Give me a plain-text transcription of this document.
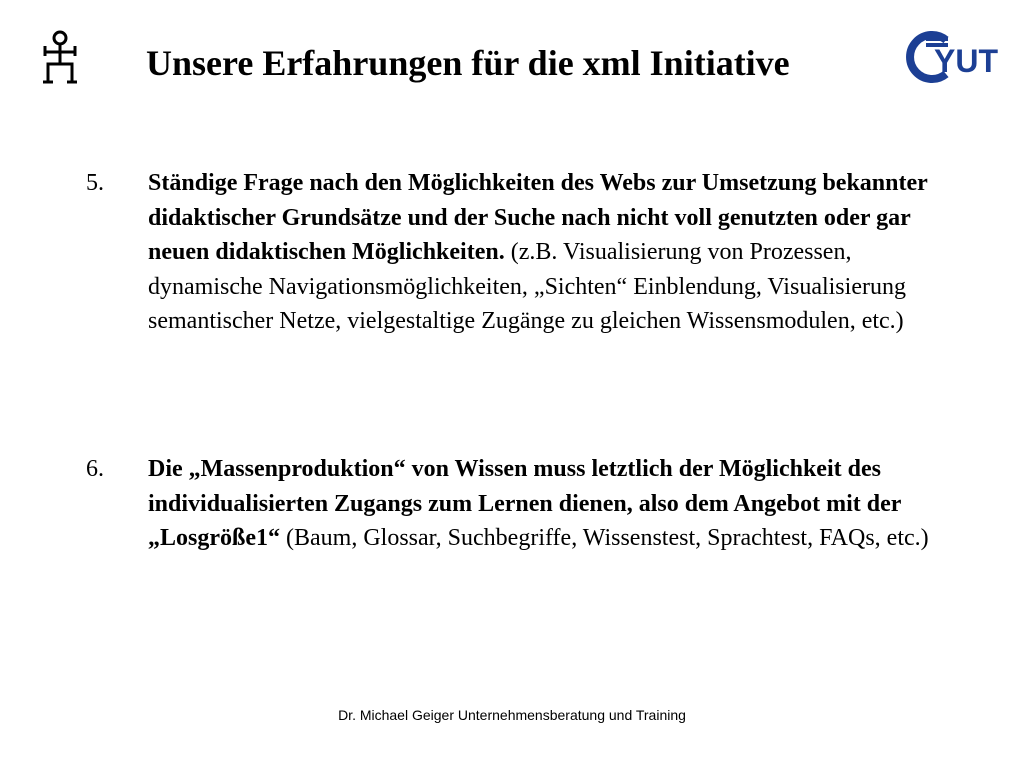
Unsere Erfahrungen für die xml Initiative	YUT
5. Ständige Frage nach den Möglichkeiten des Webs zur Umsetzung bekannter didaktischer Grundsätze und der Suche nach nicht voll genutzten oder gar neuen didaktischen Möglichkeiten. (z.B. Visualisierung von Prozessen, dynamische Navigationsmöglichkeiten, „Sichten“ Einblendung, Visualisierung semantischer Netze, vielgestaltige Zugänge zu gleichen Wissensmodulen, etc.)
6. Die „Massenproduktion“ von Wissen muss letztlich der Möglichkeit des individualisierten Zugangs zum Lernen dienen, also dem Angebot mit der „Losgröße1“ (Baum, Glossar, Suchbegriffe, Wissenstest, Sprachtest, FAQs, etc.)
Dr. Michael Geiger Unternehmensberatung und Training
